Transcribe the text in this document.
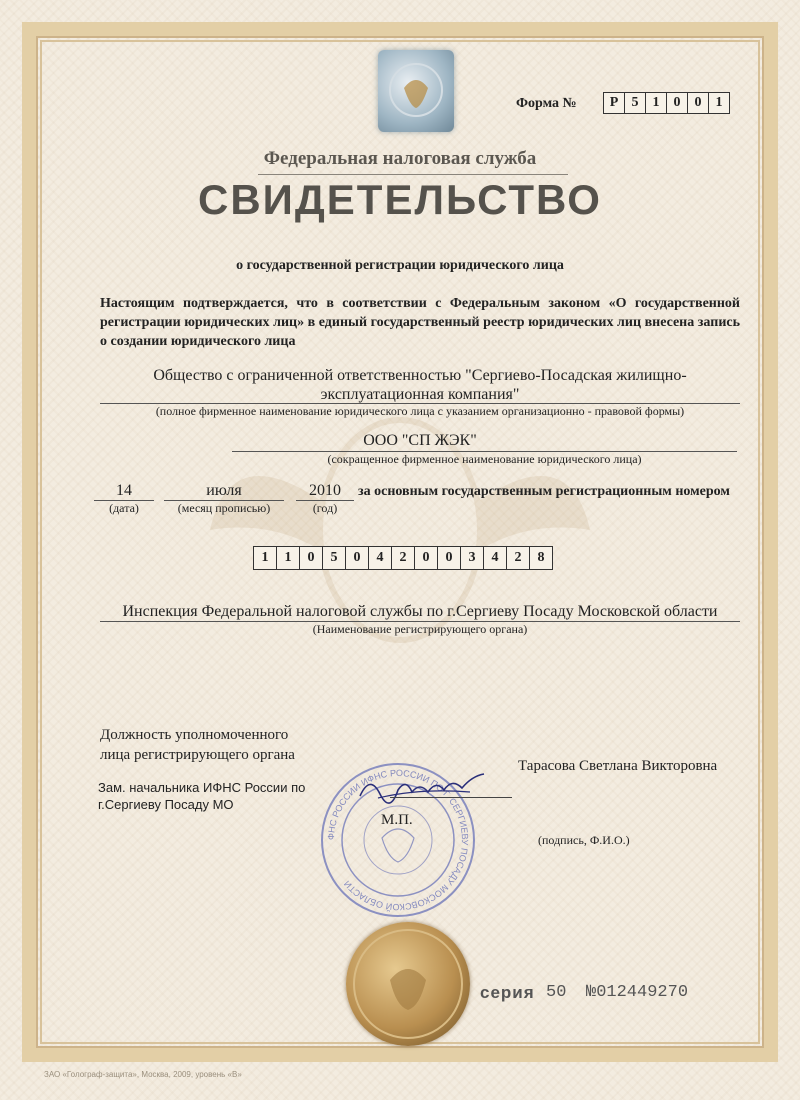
Форма №	Р 5	1	0	0	1
Федеральная налоговая служба
СВИДЕТЕЛЬСТВО
о государственной регистрации юридического лица
Настоящим подтверждается, что в соответствии с Федеральным законом «О государственной регистрации юридических лиц» в единый государственный реестр юридических лиц внесена запись о создании юридического лица
Общество с ограниченной ответственностью "Сергиево-Посадская жилищно-эксплуатационная компания"
(полное фирменное наименование юридического лица с указанием организационно - правовой формы)
ООО "СП ЖЭК"
(сокращенное фирменное наименование юридического лица)
14
(дата)
июля
(месяц прописью)
2010
(год)
за основным государственным регистрационным номером
1	1	0	5	0	4	2	0	0	3	4	2	8
Инспекция Федеральной налоговой службы по г.Сергиеву Посаду Московской области
(Наименование регистрирующего органа)
Должность уполномоченного
лица регистрирующего органа
Зам. начальника ИФНС России по
г.Сергиеву Посаду МО
ФНС РОССИИ ИФНС РОССИИ ПО Г. СЕРГИЕВУ ПОСАДУ МОСКОВСКОЙ ОБЛАСТИ
Тарасова Светлана Викторовна
М.П.
(подпись, Ф.И.О.)
серия 50 №012449270
ЗАО «Голограф-защита», Москва, 2009, уровень «В»
